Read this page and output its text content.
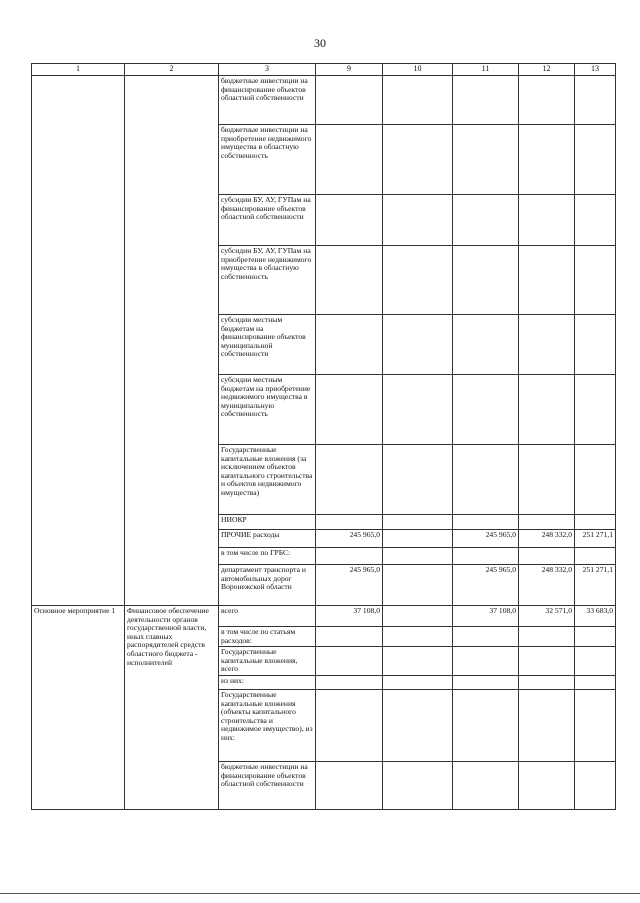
30
1	2	3	9	10	11	12	13
		бюджетные инвестиции на финансирование объектов областной собственности					
		бюджетные инвестиции на приобретение недвижимого имущества в областную собственность					
		субсидии БУ, АУ, ГУПам на финансирование объектов областной собственности					
		субсидии БУ, АУ, ГУПам на приобретение недвижимого имущества в областную собственность					
		субсидии местным бюджетам на финансирование объектов муниципальной собственности					
		субсидии местным бюджетам на приобретение недвижимого имущества в муниципальную собственность					
		Государственные капитальные вложения (за исключением объектов капитального строительства и объектов недвижимого имущества)					
		НИОКР					
		ПРОЧИЕ расходы	245 965,0		245 965,0	248 332,0	251 271,1
		в том числе по ГРБС:					
		департамент транспорта и автомобильных дорог Воронежской области	245 965,0		245 965,0	248 332,0	251 271,1
Основное мероприятие 1	Финансовое обеспечение деятельности органов государственной власти, иных главных распорядителей средств областного бюджета - исполнителей	всего	37 108,0		37 108,0	32 571,0	33 683,0
		в том числе по статьям расходов:					
		Государственные капитальные вложения, всего					
		из них:					
		Государственные капитальные вложения (объекты капитального строительства и недвижимое имущество), из них:					
		бюджетные инвестиции на финансирование объектов областной собственности					
